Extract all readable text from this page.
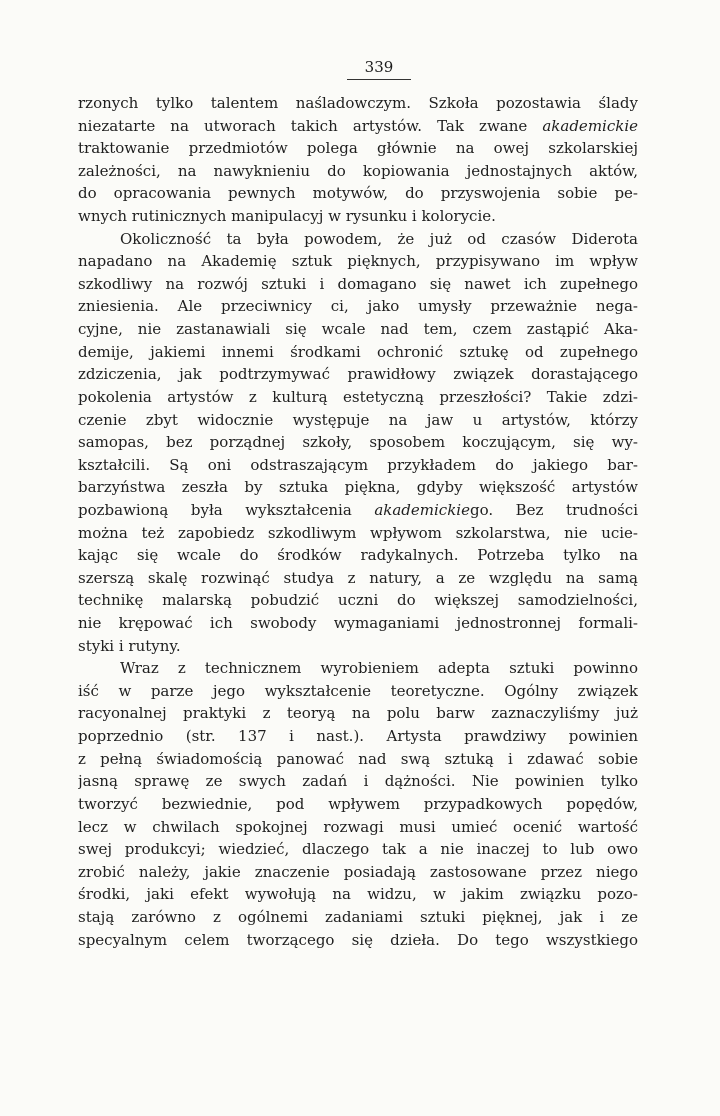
339
rzonych tylko talentem naśladowczym. Szkoła pozostawia ślady
niezatarte na utworach takich artystów. Tak zwane akademickie
traktowanie przedmiotów polega głównie na owej szkolarskiej
zależności, na nawyknieniu do kopiowania jednostajnych aktów,
do opracowania pewnych motywów, do przyswojenia sobie pe-
wnych rutinicznych manipulacyj w rysunku i kolorycie.
Okoliczność ta była powodem, że już od czasów Diderota
napadano na Akademię sztuk pięknych, przypisywano im wpływ
szkodliwy na rozwój sztuki i domagano się nawet ich zupełnego
zniesienia. Ale przeciwnicy ci, jako umysły przeważnie nega-
cyjne, nie zastanawiali się wcale nad tem, czem zastąpić Aka-
demije, jakiemi innemi środkami ochronić sztukę od zupełnego
zdziczenia, jak podtrzymywać prawidłowy związek dorastającego
pokolenia artystów z kulturą estetyczną przeszłości? Takie zdzi-
czenie zbyt widocznie występuje na jaw u artystów, którzy
samopas, bez porządnej szkoły, sposobem koczującym, się wy-
kształcili. Są oni odstraszającym przykładem do jakiego bar-
barzyństwa zeszła by sztuka piękna, gdyby większość artystów
pozbawioną była wykształcenia akademickiego. Bez trudności
można też zapobiedz szkodliwym wpływom szkolarstwa, nie ucie-
kając się wcale do środków radykalnych. Potrzeba tylko na
szerszą skalę rozwinąć studya z natury, a ze względu na samą
technikę malarską pobudzić uczni do większej samodzielności,
nie krępować ich swobody wymaganiami jednostronnej formali-
styki i rutyny.
Wraz z technicznem wyrobieniem adepta sztuki powinno
iść w parze jego wykształcenie teoretyczne. Ogólny związek
racyonalnej praktyki z teoryą na polu barw zaznaczyliśmy już
poprzednio (str. 137 i nast.). Artysta prawdziwy powinien
z pełną świadomością panować nad swą sztuką i zdawać sobie
jasną sprawę ze swych zadań i dążności. Nie powinien tylko
tworzyć bezwiednie, pod wpływem przypadkowych popędów,
lecz w chwilach spokojnej rozwagi musi umieć ocenić wartość
swej produkcyi; wiedzieć, dlaczego tak a nie inaczej to lub owo
zrobić należy, jakie znaczenie posiadają zastosowane przez niego
środki, jaki efekt wywołują na widzu, w jakim związku pozo-
stają zarówno z ogólnemi zadaniami sztuki pięknej, jak i ze
specyalnym celem tworzącego się dzieła. Do tego wszystkiego
